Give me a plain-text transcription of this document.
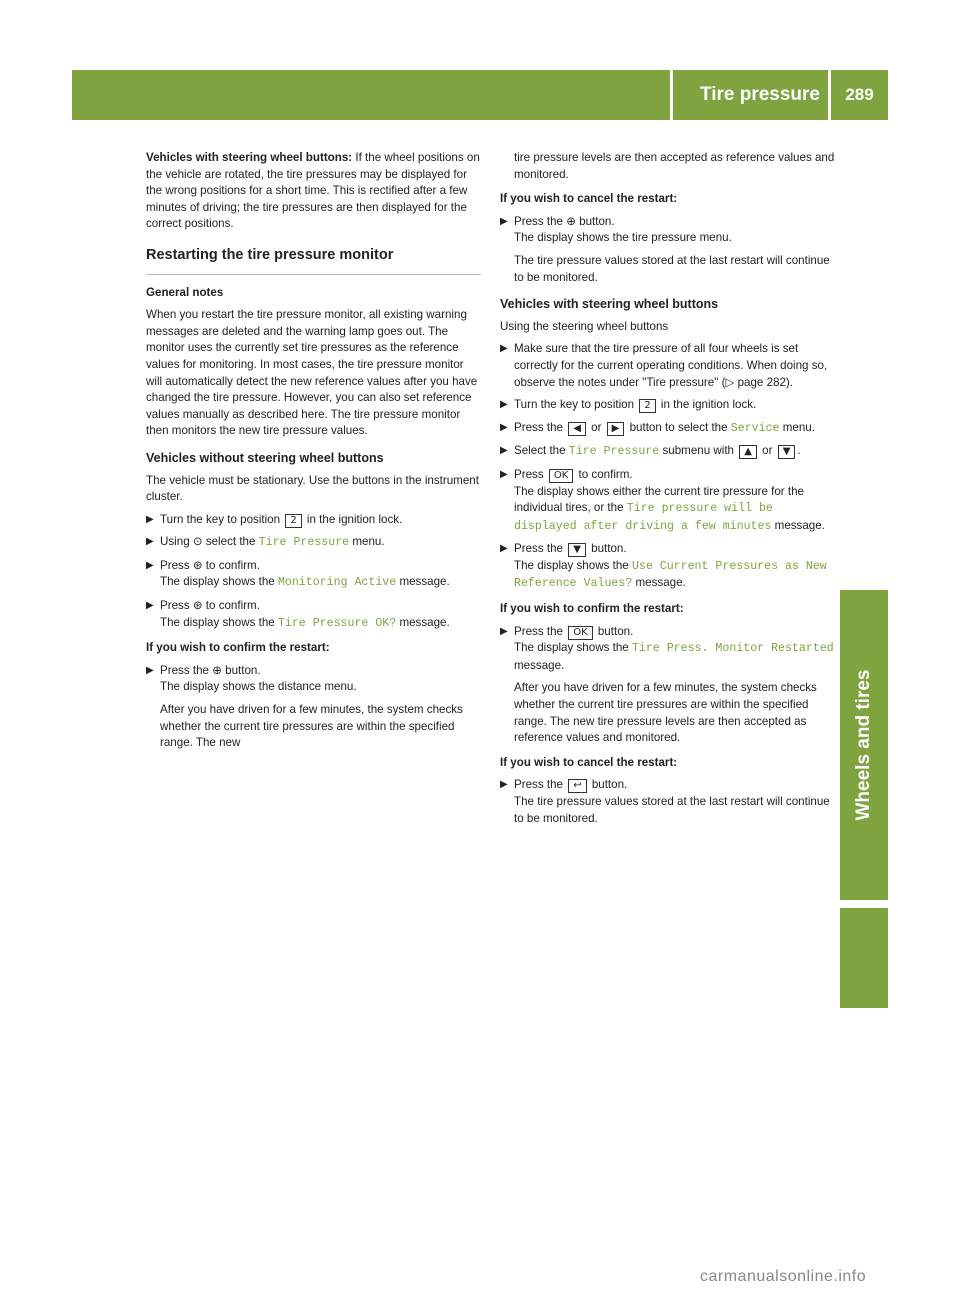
Tire pressure	289
Wheels and tires

Vehicles with steering wheel buttons: If the wheel positions on the vehicle are rotated, the tire pressures may be displayed for the wrong positions for a short time. This is rectified after a few minutes of driving; the tire pressures are then displayed for the correct positions.

Restarting the tire pressure monitor
General notes

When you restart the tire pressure monitor, all existing warning messages are deleted and the warning lamp goes out. The monitor uses the currently set tire pressures as the reference values for monitoring. In most cases, the tire pressure monitor will automatically detect the new reference values after you have changed the tire pressure. However, you can also set reference values manually as described here. The tire pressure monitor then monitors the new tire pressure values.

Vehicles without steering wheel buttons

The vehicle must be stationary. Use the buttons in the instrument cluster.

▶ Turn the key to position 2 in the ignition lock.
▶ Using ⊙ select the Tire Pressure menu.
▶ Press ⊛ to confirm.
The display shows the Monitoring Active message.
▶ Press ⊛ to confirm.
The display shows the Tire Pressure OK? message.
If you wish to confirm the restart:
▶ Press the ⊕ button.
The display shows the distance menu.
After you have driven for a few minutes, the system checks whether the current tire pressures are within the specified range. The new

tire pressure levels are then accepted as reference values and monitored.

If you wish to cancel the restart:
▶ Press the ⊕ button.
The display shows the tire pressure menu.
The tire pressure values stored at the last restart will continue to be monitored.
Vehicles with steering wheel buttons

Using the steering wheel buttons

▶ Make sure that the tire pressure of all four wheels is set correctly for the current operating conditions. When doing so, observe the notes under "Tire pressure" (▷ page 282).
▶ Turn the key to position 2 in the ignition lock.
▶ Press the ◀ or ▶ button to select the Service menu.
▶ Select the Tire Pressure submenu with ▲ or ▼ .
▶ Press OK to confirm.
The display shows either the current tire pressure for the individual tires, or the Tire pressure will be displayed after driving a few minutes message.
▶ Press the ▼ button.
The display shows the Use Current Pressures as New Reference Values? message.
If you wish to confirm the restart:
▶ Press the OK button.
The display shows the Tire Press. Monitor Restarted message.
After you have driven for a few minutes, the system checks whether the current tire pressures are within the specified range. The new tire pressure levels are then accepted as reference values and monitored.
If you wish to cancel the restart:
▶ Press the ↩ button.
The tire pressure values stored at the last restart will continue to be monitored.
carmanualsonline.info
